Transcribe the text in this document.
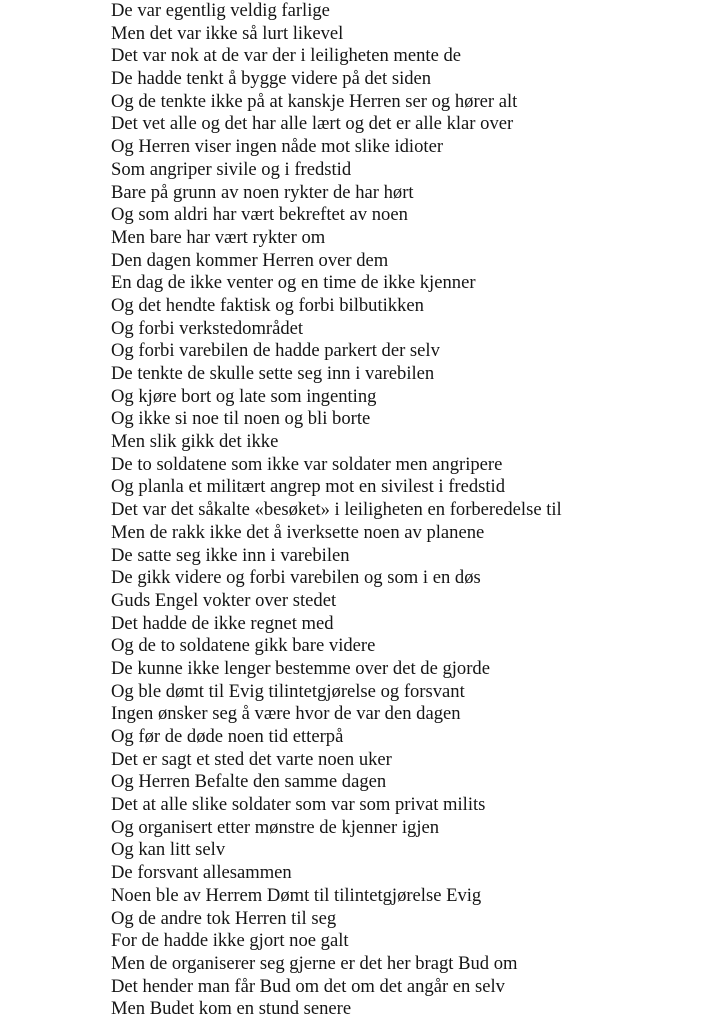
De var egentlig veldig farlige
Men det var ikke så lurt likevel
Det var nok at de var der i leiligheten mente de
De hadde tenkt å bygge videre på det siden
Og de tenkte ikke på at kanskje Herren ser og hører alt
Det vet alle og det har alle lært og det er alle klar over
Og Herren viser ingen nåde mot slike idioter
Som angriper sivile og i fredstid
Bare på grunn av noen rykter de har hørt
Og som aldri har vært bekreftet av noen
Men bare har vært rykter om
Den dagen kommer Herren over dem
En dag de ikke venter og en time de ikke kjenner
Og det hendte faktisk og forbi bilbutikken
Og forbi verkstedområdet
Og forbi varebilen de hadde parkert der selv
De tenkte de skulle sette seg inn i varebilen
Og kjøre bort og late som ingenting
Og ikke si noe til noen og bli borte
Men slik gikk det ikke
De to soldatene som ikke var soldater men angripere
Og planla et militært angrep mot en sivilest i fredstid
Det var det såkalte «besøket» i leiligheten en forberedelse til
Men de rakk ikke det å iverksette noen av planene
De satte seg ikke inn i varebilen
De gikk videre og forbi varebilen og som i en døs
Guds Engel vokter over stedet
Det hadde de ikke regnet med
Og de to soldatene gikk bare videre
De kunne ikke lenger bestemme over det de gjorde
Og ble dømt til Evig tilintetgjørelse og forsvant
Ingen ønsker seg å være hvor de var den dagen
Og før de døde noen tid etterpå
Det er sagt et sted det varte noen uker
Og Herren Befalte den samme dagen
Det at alle slike soldater som var som privat milits
Og organisert etter mønstre de kjenner igjen
Og kan litt selv
De forsvant allesammen
Noen ble av Herrem Dømt til tilintetgjørelse Evig
Og de andre tok Herren til seg
For de hadde ikke gjort noe galt
Men de organiserer seg gjerne er det her bragt Bud om
Det hender man får Bud om det om det angår en selv
Men Budet kom en stund senere
